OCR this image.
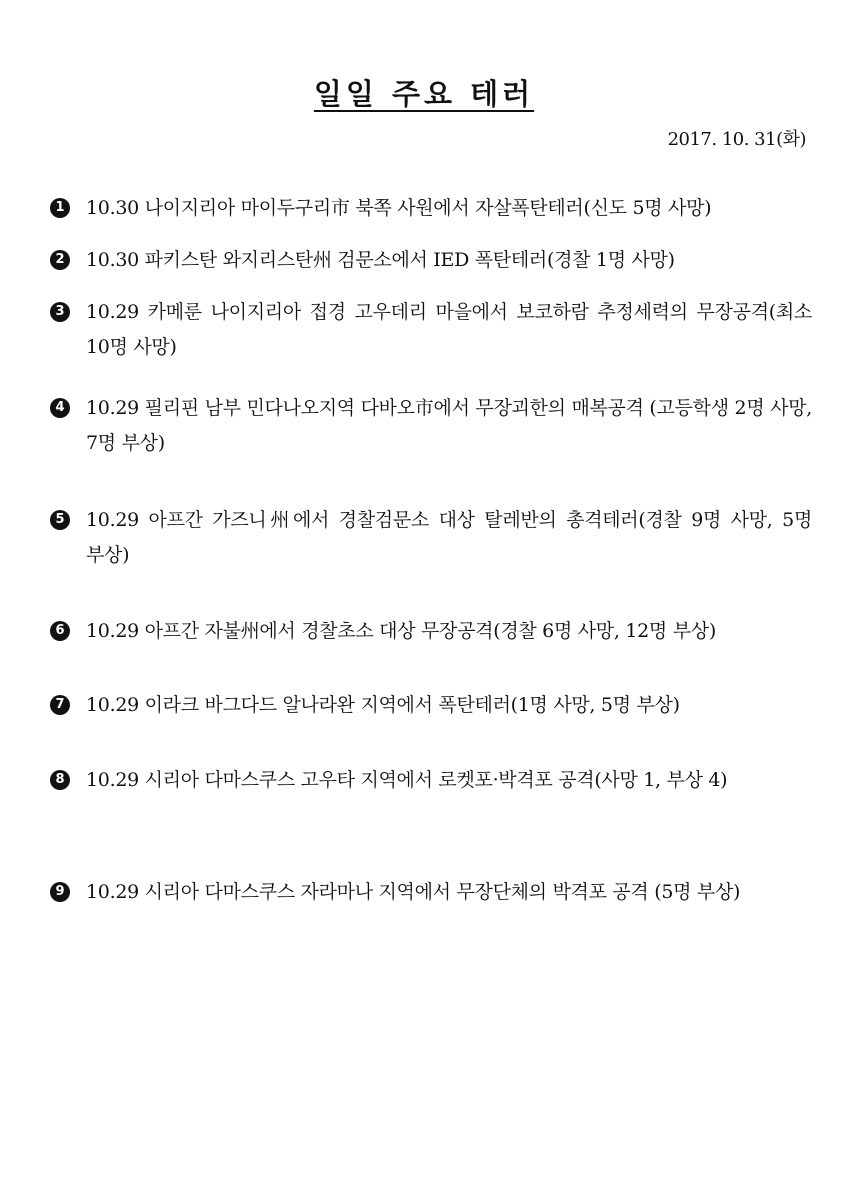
일일 주요 테러
2017. 10. 31(화)
1 10.30 나이지리아 마이두구리市 북쪽 사원에서 자살폭탄테러(신도 5명 사망)
2 10.30 파키스탄 와지리스탄州 검문소에서 IED 폭탄테러(경찰 1명 사망)
3 10.29 카메룬 나이지리아 접경 고우데리 마을에서 보코하람 추정세력의 무장공격(최소 10명 사망)
4 10.29 필리핀 남부 민다나오지역 다바오市에서 무장괴한의 매복공격 (고등학생 2명 사망, 7명 부상)
5 10.29 아프간 가즈니州에서 경찰검문소 대상 탈레반의 총격테러(경찰 9명 사망, 5명 부상)
6 10.29 아프간 자불州에서 경찰초소 대상 무장공격(경찰 6명 사망, 12명 부상)
7 10.29 이라크 바그다드 알나라완 지역에서 폭탄테러(1명 사망, 5명 부상)
8 10.29 시리아 다마스쿠스 고우타 지역에서 로켓포·박격포 공격(사망 1, 부상 4)
9 10.29 시리아 다마스쿠스 자라마나 지역에서 무장단체의 박격포 공격 (5명 부상)
